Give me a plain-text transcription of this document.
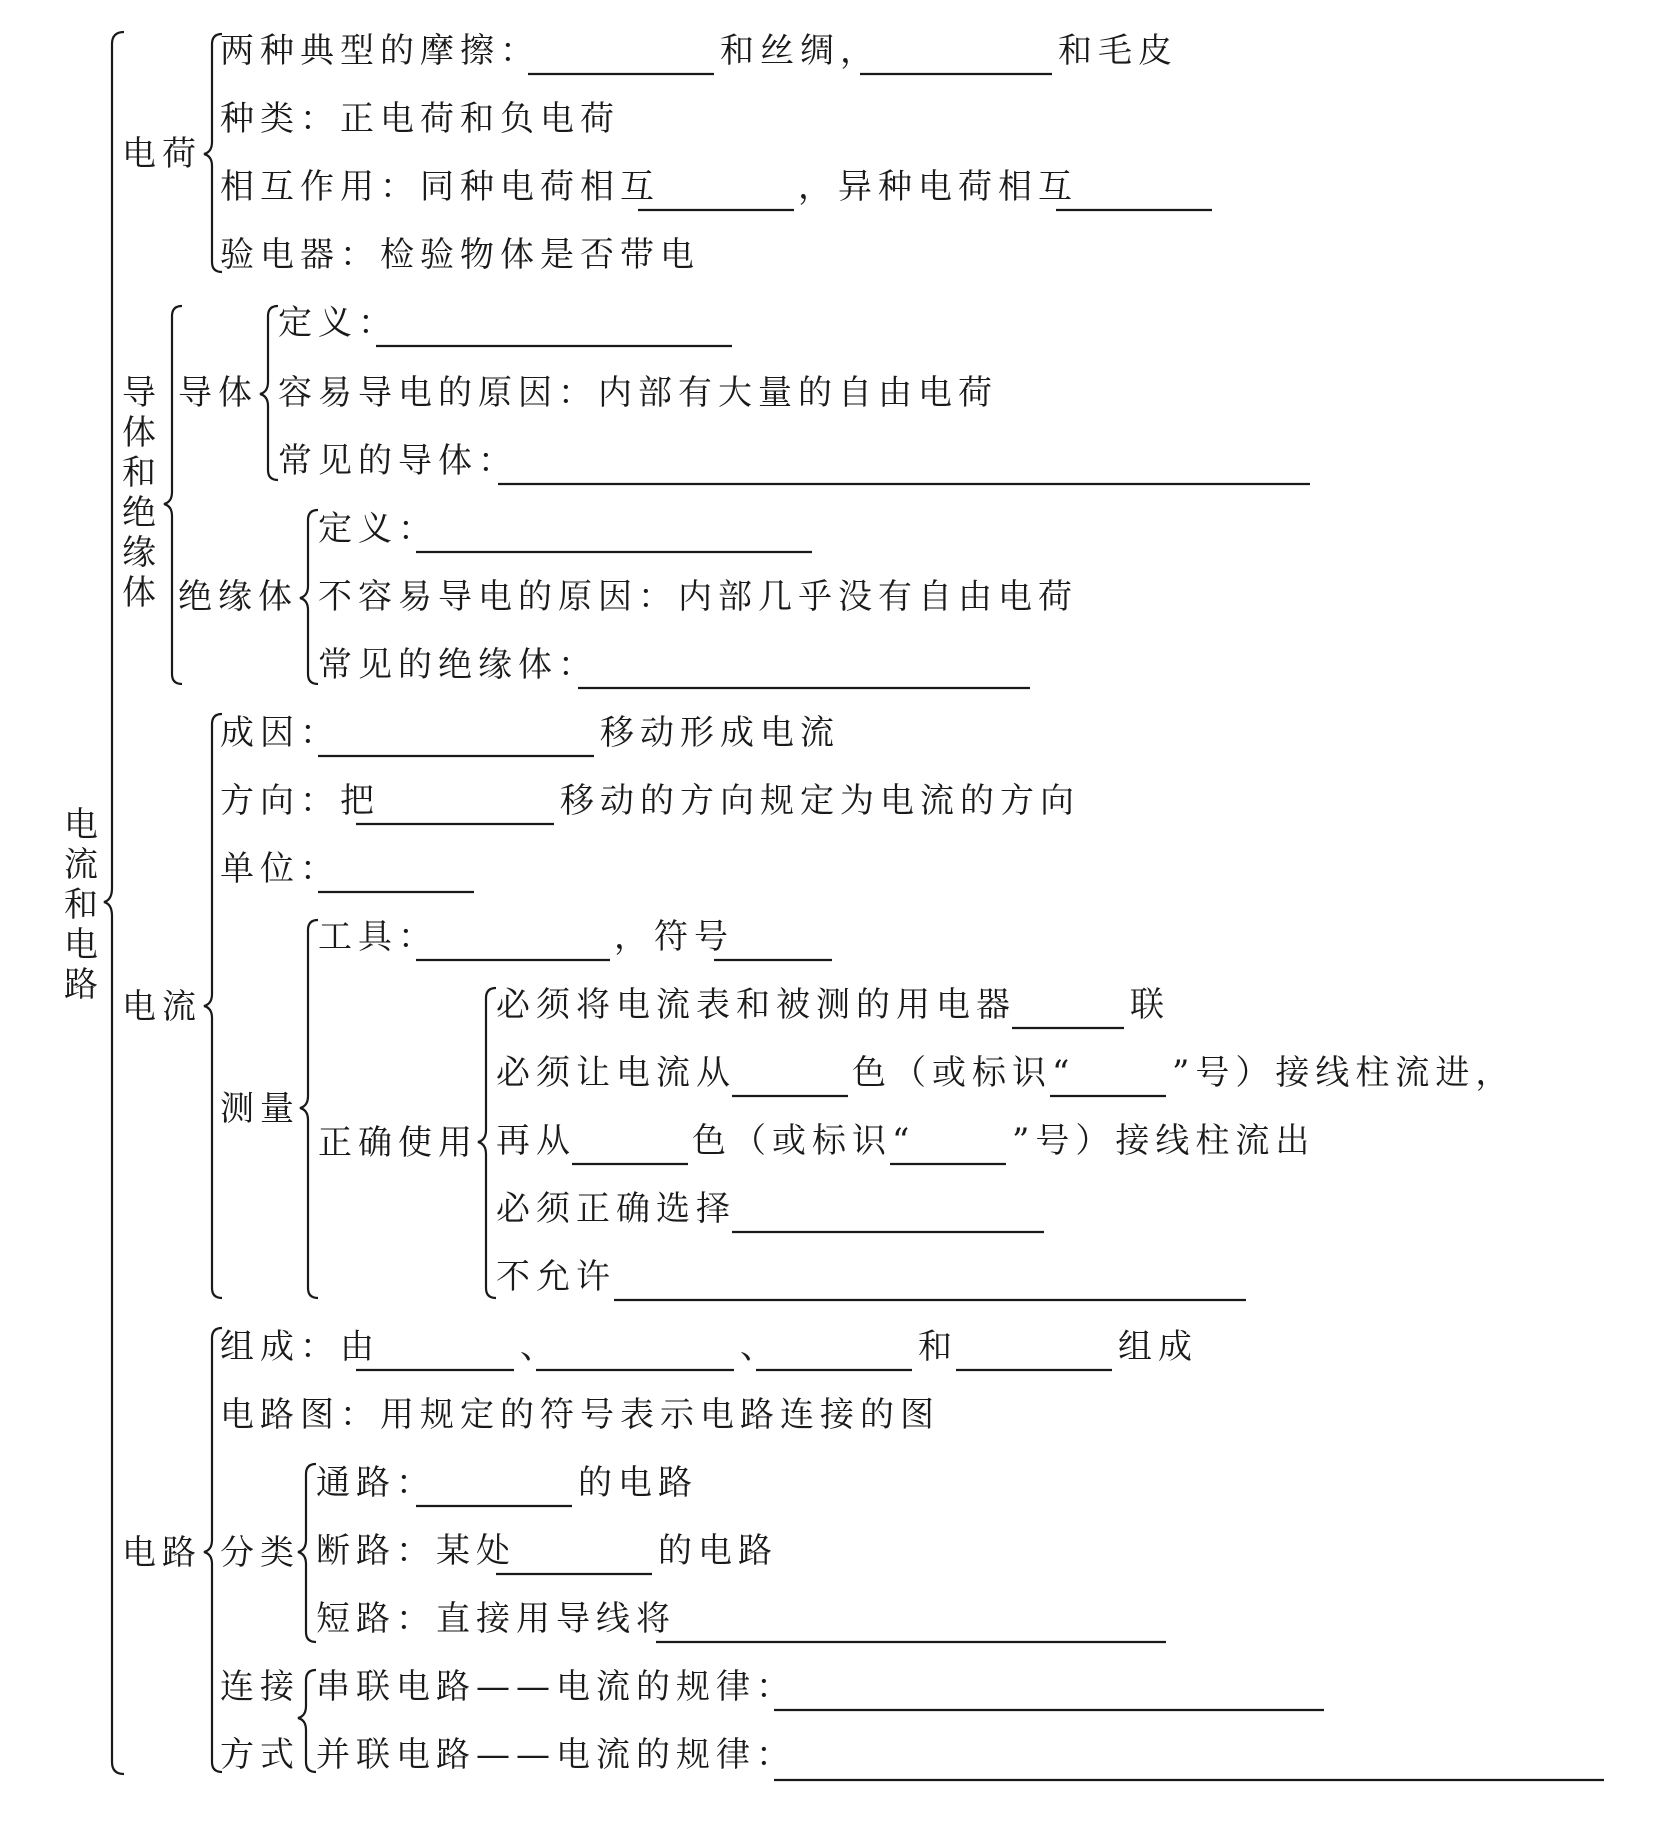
电流和电路
电荷
两种典型的摩擦：	和丝绸，	和毛皮
种类：正电荷和负电荷
相互作用：同种电荷相互	，异种电荷相互
验电器：检验物体是否带电
导体和绝缘体
导体
定义：
容易导电的原因：内部有大量的自由电荷
常见的导体：
绝缘体
定义：
不容易导电的原因：内部几乎没有自由电荷
常见的绝缘体：
电流
成因：	移动形成电流
方向：把	移动的方向规定为电流的方向
单位：
测量
工具：	，符号
正确使用
必须将电流表和被测的用电器	联
必须让电流从	色（或标识“	”号）接线柱流进，
再从	色（或标识“	”号）接线柱流出
必须正确选择
不允许
电路
组成：由	、	、	和	组成
电路图：用规定的符号表示电路连接的图
分类
通路：	的电路
断路：某处	的电路
短路：直接用导线将
连接
方式
串联电路——电流的规律：
并联电路——电流的规律：
